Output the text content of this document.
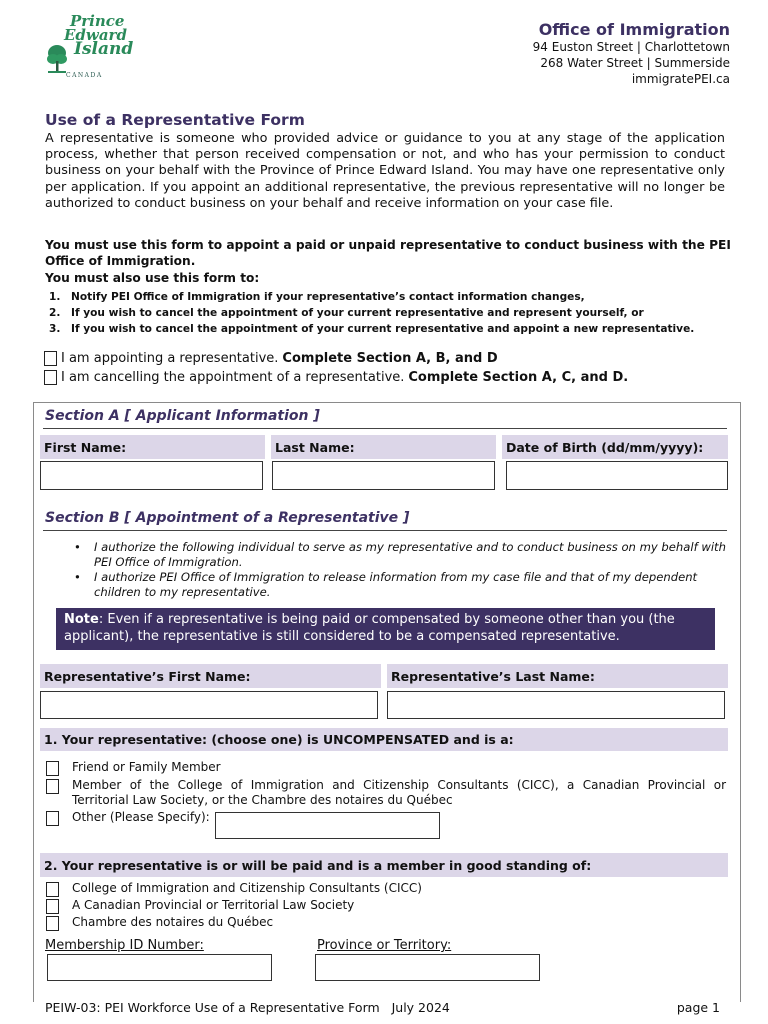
Prince
Edward
Island
CANADA
Office of Immigration
94 Euston Street | Charlottetown
268 Water Street | Summerside
immigratePEI.ca
Use of a Representative Form
A representative is someone who provided advice or guidance to you at any stage of the application process, whether that person received compensation or not, and who has your permission to conduct business on your behalf with the Province of Prince Edward Island. You may have one representative only per application. If you appoint an additional representative, the previous representative will no longer be authorized to conduct business on your behalf and receive information on your case file.
You must use this form to appoint a paid or unpaid representative to conduct business with the PEI Office of Immigration.
You must also use this form to:
1. Notify PEI Office of Immigration if your representative’s contact information changes,
2. If you wish to cancel the appointment of your current representative and represent yourself, or
3. If you wish to cancel the appointment of your current representative and appoint a new representative.
I am appointing a representative. Complete Section A, B, and D
I am cancelling the appointment of a representative. Complete Section A, C, and D.
Section A [ Applicant Information ]
First Name:	Last Name:	Date of Birth (dd/mm/yyyy):
Section B [ Appointment of a Representative ]
• I authorize the following individual to serve as my representative and to conduct business on my behalf with PEI Office of Immigration.
• I authorize PEI Office of Immigration to release information from my case file and that of my dependent children to my representative.
Note: Even if a representative is being paid or compensated by someone other than you (the applicant), the representative is still considered to be a compensated representative.
Representative’s First Name:	Representative’s Last Name:
1. Your representative: (choose one) is UNCOMPENSATED and is a:
Friend or Family Member
Member of the College of Immigration and Citizenship Consultants (CICC), a Canadian Provincial or Territorial Law Society, or the Chambre des notaires du Québec
Other (Please Specify):
2. Your representative is or will be paid and is a member in good standing of:
College of Immigration and Citizenship Consultants (CICC)
A Canadian Provincial or Territorial Law Society
Chambre des notaires du Québec
Membership ID Number:	Province or Territory:
PEIW-03: PEI Workforce Use of a Representative Form   July 2024	page 1
